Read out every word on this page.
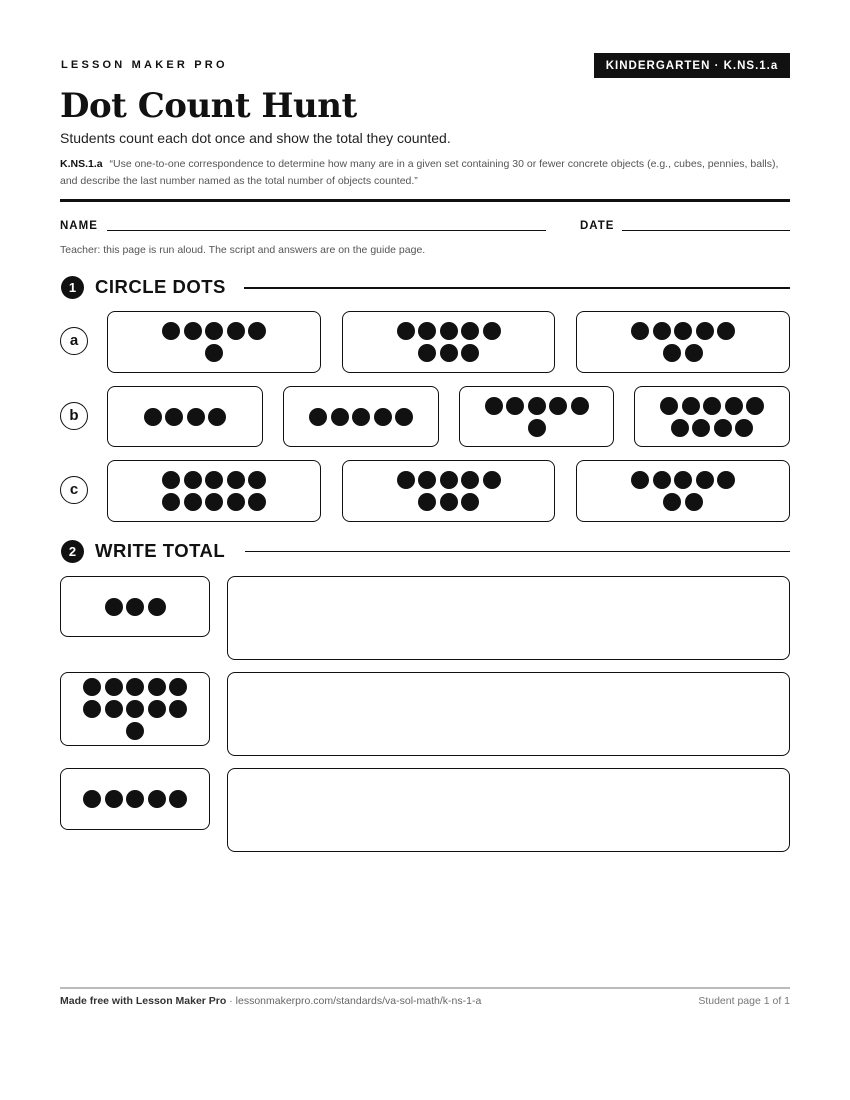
LESSON MAKER PRO	KINDERGARTEN · K.NS.1.a
Dot Count Hunt
Students count each dot once and show the total they counted.
K.NS.1.a “Use one-to-one correspondence to determine how many are in a given set containing 30 or fewer concrete objects (e.g., cubes, pennies, balls), and describe the last number named as the total number of objects counted.”
NAME	DATE
Teacher: this page is run aloud. The script and answers are on the guide page.
1	CIRCLE DOTS
a
b
c
2	WRITE TOTAL
Made free with Lesson Maker Pro · lessonmakerpro.com/standards/va-sol-math/k-ns-1-a	Student page 1 of 1
